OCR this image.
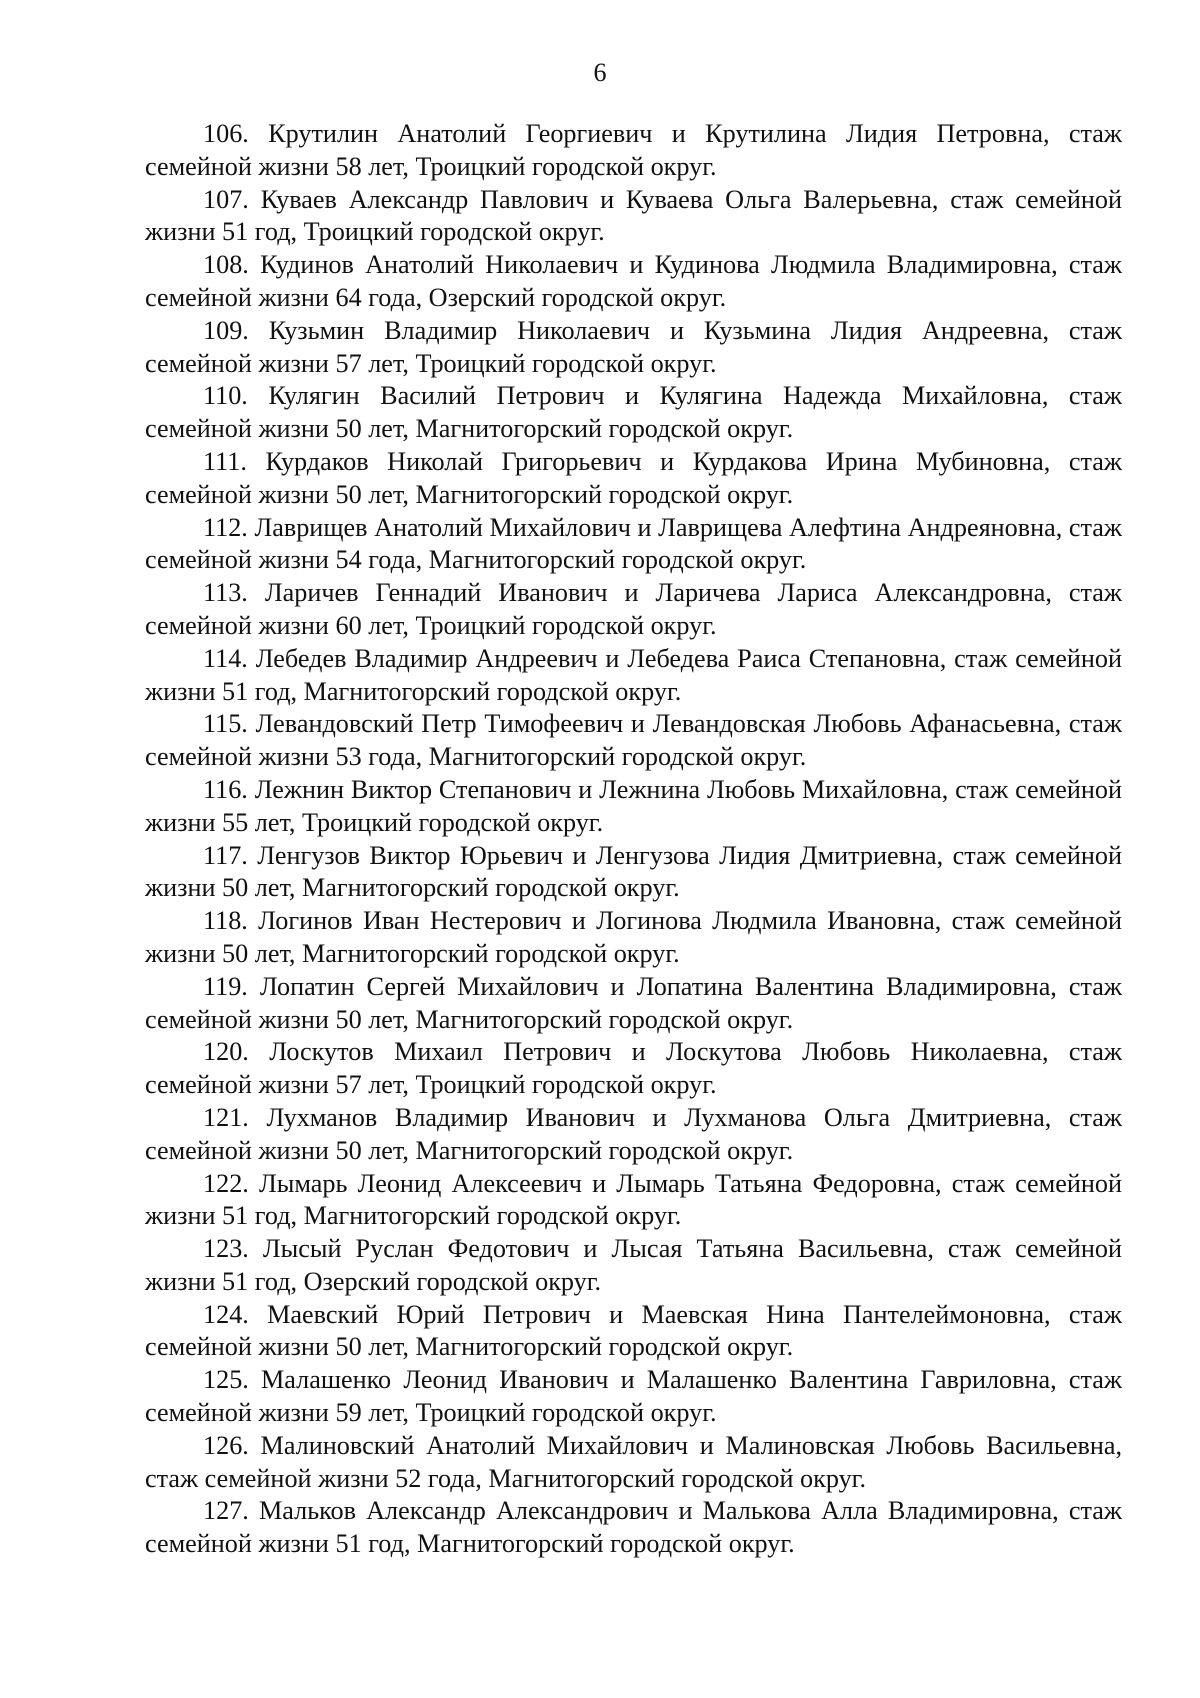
6

106. Крутилин Анатолий Георгиевич и Крутилина Лидия Петровна, стаж семейной жизни 58 лет, Троицкий городской округ.

107. Куваев Александр Павлович и Куваева Ольга Валерьевна, стаж семейной жизни 51 год, Троицкий городской округ.

108. Кудинов Анатолий Николаевич и Кудинова Людмила Владимировна, стаж семейной жизни 64 года, Озерский городской округ.

109. Кузьмин Владимир Николаевич и Кузьмина Лидия Андреевна, стаж семейной жизни 57 лет, Троицкий городской округ.

110. Кулягин Василий Петрович и Кулягина Надежда Михайловна, стаж семейной жизни 50 лет, Магнитогорский городской округ.

111. Курдаков Николай Григорьевич и Курдакова Ирина Мубиновна, стаж семейной жизни 50 лет, Магнитогорский городской округ.

112. Лаврищев Анатолий Михайлович и Лаврищева Алефтина Андреяновна, стаж семейной жизни 54 года, Магнитогорский городской округ.

113. Ларичев Геннадий Иванович и Ларичева Лариса Александровна, стаж семейной жизни 60 лет, Троицкий городской округ.

114. Лебедев Владимир Андреевич и Лебедева Раиса Степановна, стаж семейной жизни 51 год, Магнитогорский городской округ.

115. Левандовский Петр Тимофеевич и Левандовская Любовь Афанасьевна, стаж семейной жизни 53 года, Магнитогорский городской округ.

116. Лежнин Виктор Степанович и Лежнина Любовь Михайловна, стаж семейной жизни 55 лет, Троицкий городской округ.

117. Ленгузов Виктор Юрьевич и Ленгузова Лидия Дмитриевна, стаж семейной жизни 50 лет, Магнитогорский городской округ.

118. Логинов Иван Нестерович и Логинова Людмила Ивановна, стаж семейной жизни 50 лет, Магнитогорский городской округ.

119. Лопатин Сергей Михайлович и Лопатина Валентина Владимировна, стаж семейной жизни 50 лет, Магнитогорский городской округ.

120. Лоскутов Михаил Петрович и Лоскутова Любовь Николаевна, стаж семейной жизни 57 лет, Троицкий городской округ.

121. Лухманов Владимир Иванович и Лухманова Ольга Дмитриевна, стаж семейной жизни 50 лет, Магнитогорский городской округ.

122. Лымарь Леонид Алексеевич и Лымарь Татьяна Федоровна, стаж семейной жизни 51 год, Магнитогорский городской округ.

123. Лысый Руслан Федотович и Лысая Татьяна Васильевна, стаж семейной жизни 51 год, Озерский городской округ.

124. Маевский Юрий Петрович и Маевская Нина Пантелеймоновна, стаж семейной жизни 50 лет, Магнитогорский городской округ.

125. Малашенко Леонид Иванович и Малашенко Валентина Гавриловна, стаж семейной жизни 59 лет, Троицкий городской округ.

126. Малиновский Анатолий Михайлович и Малиновская Любовь Васильевна, стаж семейной жизни 52 года, Магнитогорский городской округ.

127. Мальков Александр Александрович и Малькова Алла Владимировна, стаж семейной жизни 51 год, Магнитогорский городской округ.
